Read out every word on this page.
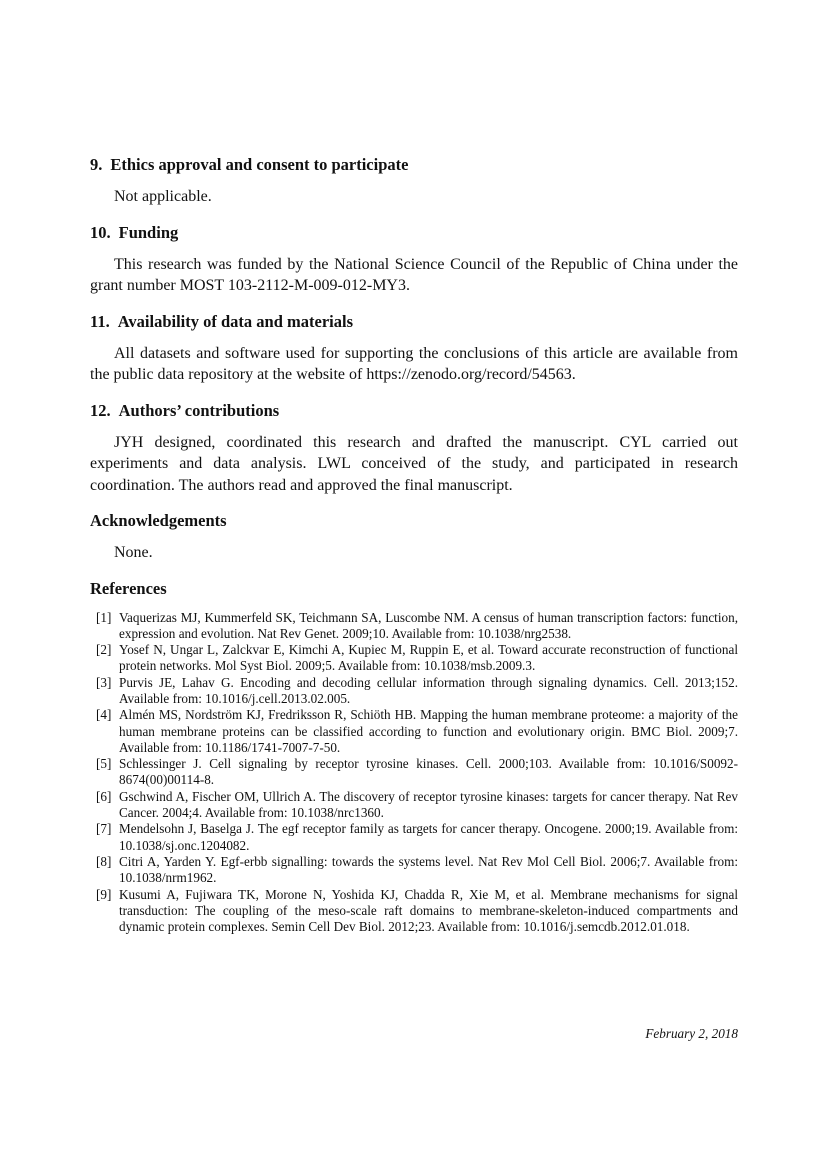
9. Ethics approval and consent to participate

Not applicable.

10. Funding

This research was funded by the National Science Council of the Republic of China under the grant number MOST 103-2112-M-009-012-MY3.

11. Availability of data and materials

All datasets and software used for supporting the conclusions of this article are available from the public data repository at the website of https://zenodo.org/record/54563.

12. Authors’ contributions

JYH designed, coordinated this research and drafted the manuscript. CYL carried out experiments and data analysis. LWL conceived of the study, and participated in research coordination. The authors read and approved the final manuscript.

Acknowledgements

None.

References
[1] Vaquerizas MJ, Kummerfeld SK, Teichmann SA, Luscombe NM. A census of human transcription factors: function, expression and evolution. Nat Rev Genet. 2009;10. Available from: 10.1038/nrg2538.
[2] Yosef N, Ungar L, Zalckvar E, Kimchi A, Kupiec M, Ruppin E, et al. Toward accurate reconstruction of functional protein networks. Mol Syst Biol. 2009;5. Available from: 10.1038/msb.2009.3.
[3] Purvis JE, Lahav G. Encoding and decoding cellular information through signaling dynamics. Cell. 2013;152. Available from: 10.1016/j.cell.2013.02.005.
[4] Almén MS, Nordström KJ, Fredriksson R, Schiöth HB. Mapping the human membrane proteome: a majority of the human membrane proteins can be classified according to function and evolutionary origin. BMC Biol. 2009;7. Available from: 10.1186/1741-7007-7-50.
[5] Schlessinger J. Cell signaling by receptor tyrosine kinases. Cell. 2000;103. Available from: 10.1016/S0092-8674(00)00114-8.
[6] Gschwind A, Fischer OM, Ullrich A. The discovery of receptor tyrosine kinases: targets for cancer therapy. Nat Rev Cancer. 2004;4. Available from: 10.1038/nrc1360.
[7] Mendelsohn J, Baselga J. The egf receptor family as targets for cancer therapy. Oncogene. 2000;19. Available from: 10.1038/sj.onc.1204082.
[8] Citri A, Yarden Y. Egf-erbb signalling: towards the systems level. Nat Rev Mol Cell Biol. 2006;7. Available from: 10.1038/nrm1962.
[9] Kusumi A, Fujiwara TK, Morone N, Yoshida KJ, Chadda R, Xie M, et al. Membrane mechanisms for signal transduction: The coupling of the meso-scale raft domains to membrane-skeleton-induced compartments and dynamic protein complexes. Semin Cell Dev Biol. 2012;23. Available from: 10.1016/j.semcdb.2012.01.018.
February 2, 2018
